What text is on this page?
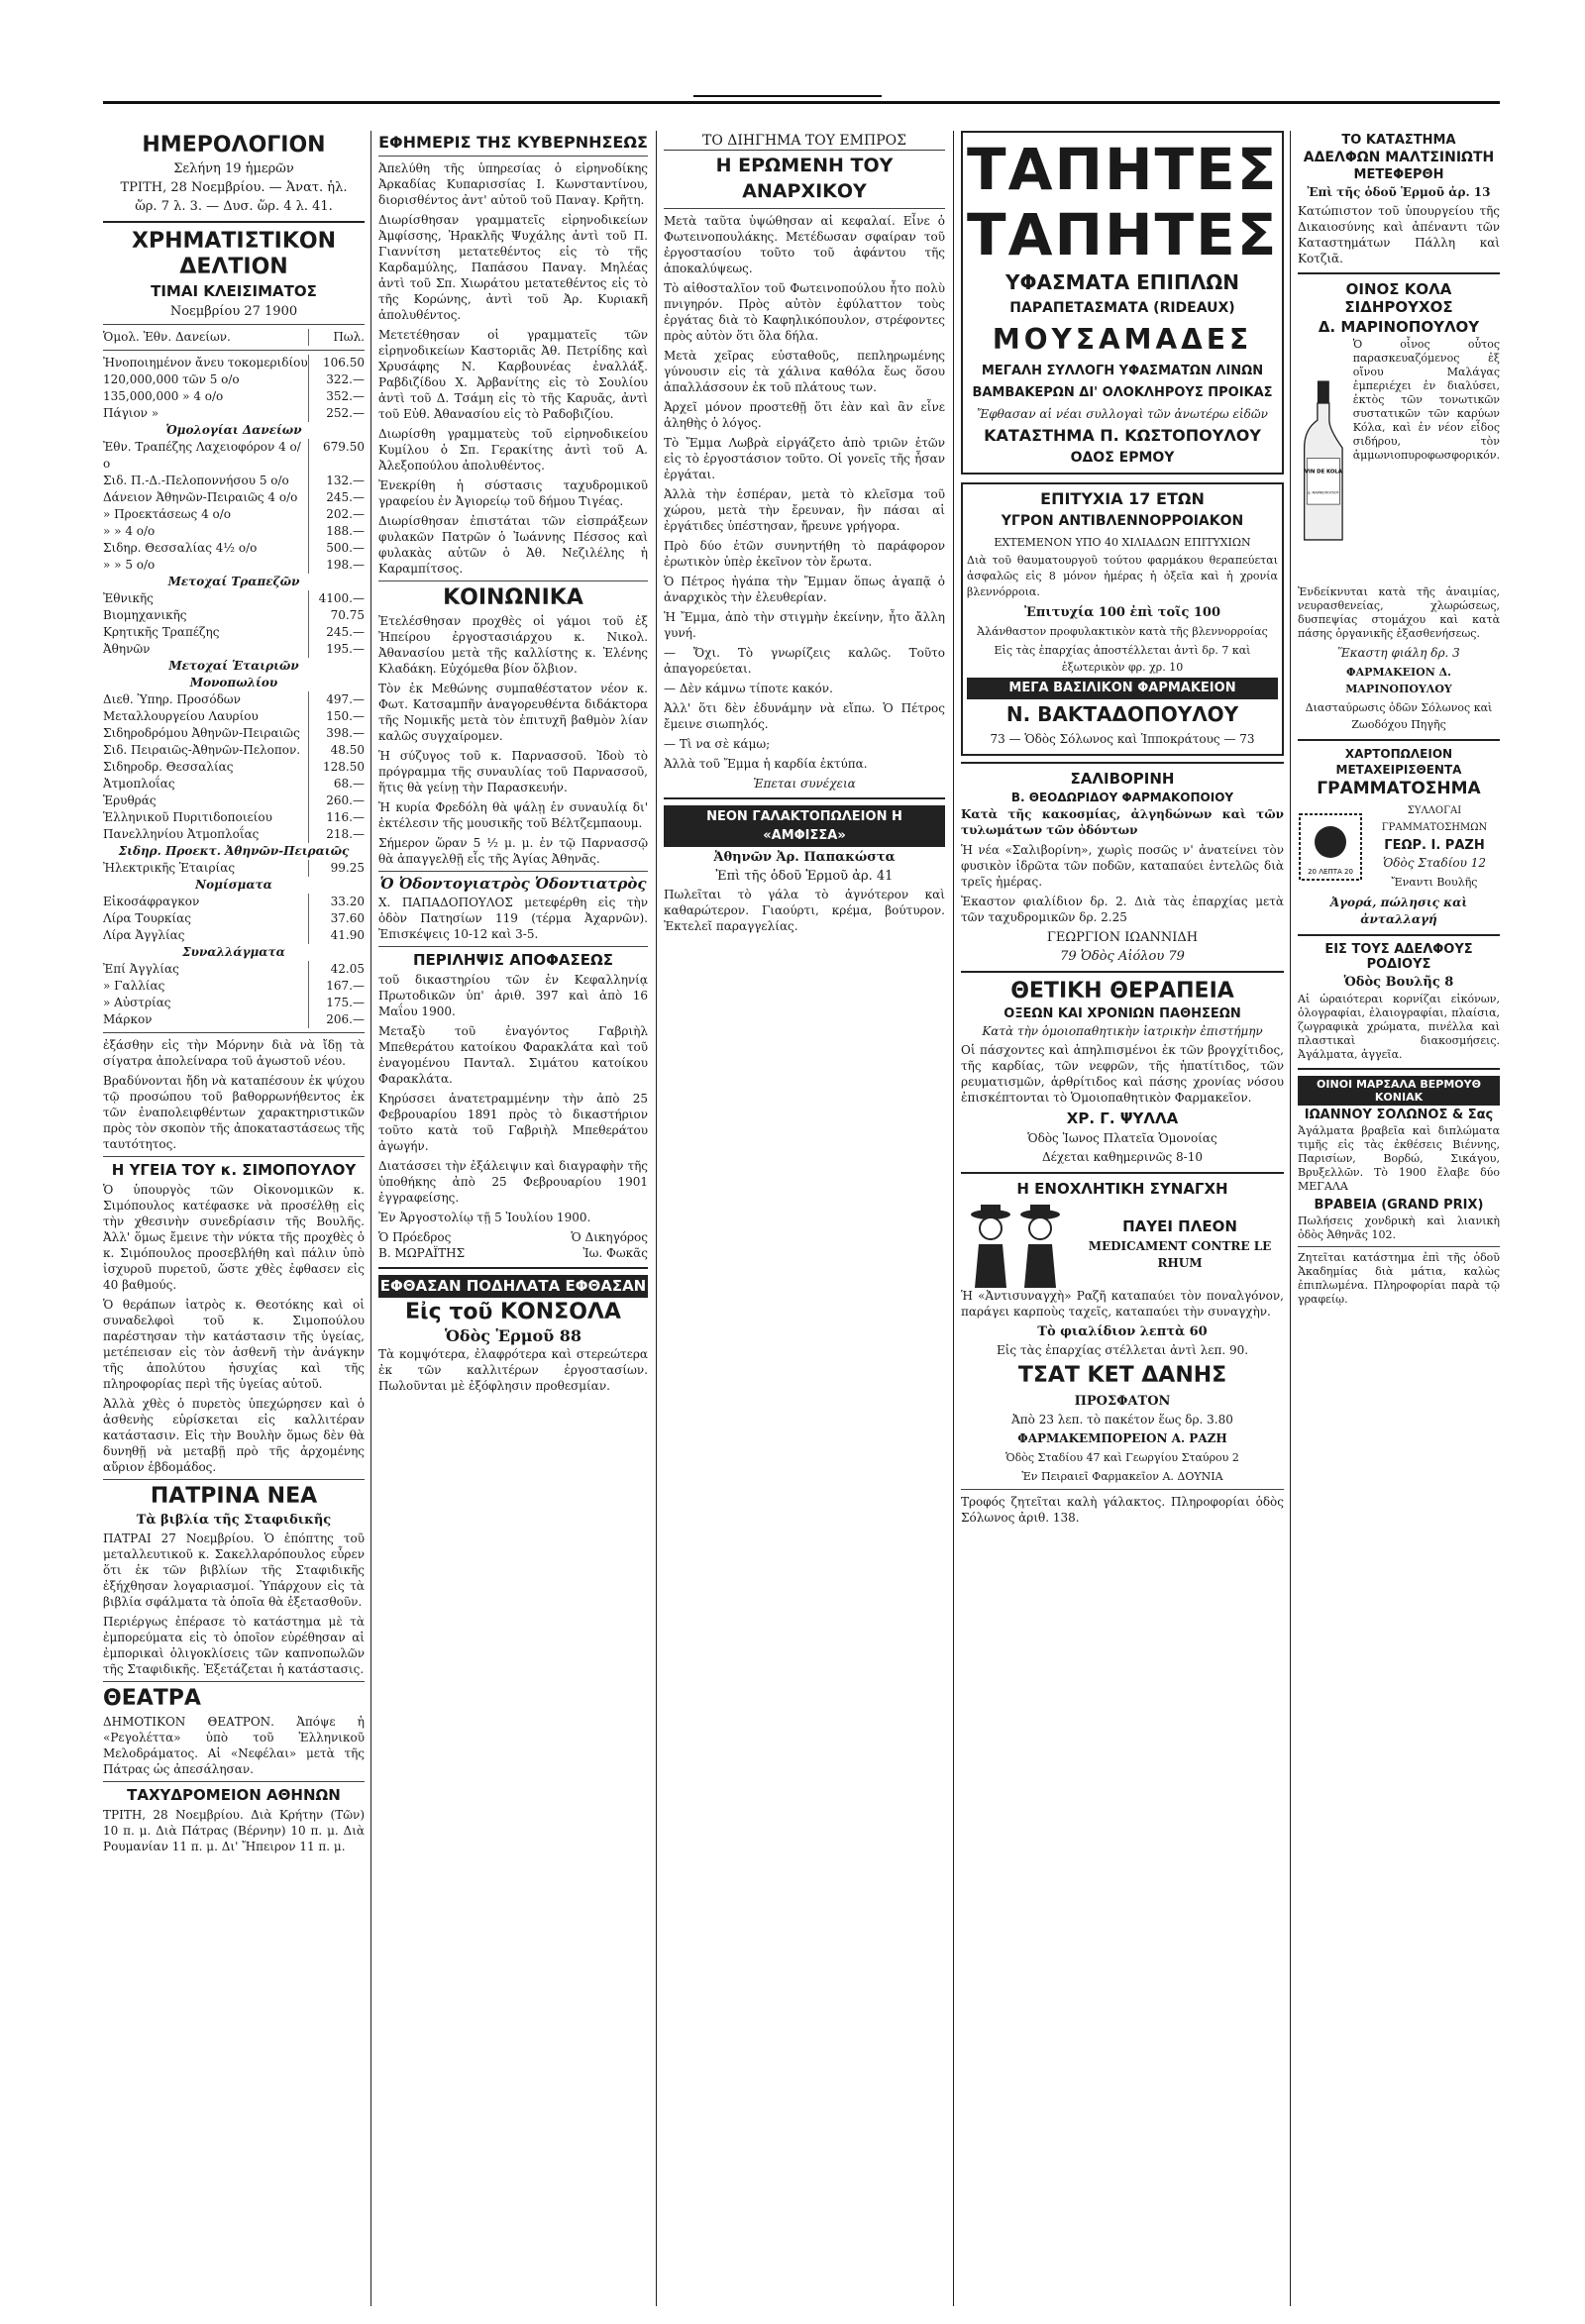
ΗΜΕΡΟΛΟΓΙΟΝ
Σελήνη 19 ἡμερῶν
ΤΡΙΤΗ, 28 Νοεμβρίου. — Ἀνατ. ἡλ.
ὥρ. 7 λ. 3. — Δυσ. ὥρ. 4 λ. 41.
ΧΡΗΜΑΤΙΣΤΙΚΟΝ ΔΕΛΤΙΟΝ
ΤΙΜΑΙ ΚΛΕΙΣΙΜΑΤΟΣ
Νοεμβρίου 27 1900
Ὁμολ. Ἐθν. Δανείων.	Πωλ.
Ἠνοποιημένον ἄνευ τοκομεριδίου	106.50
120,000,000 τῶν 5 ο/ο	322.—
135,000,000 » 4 ο/ο	352.—
Πάγιον »	252.—
Ὁμολογίαι Δανείων
Ἐθν. Τραπέζης Λαχειοφόρον 4 ο/ο
679.50
Σιδ. Π.-Δ.-Πελοποννήσου 5 ο/ο	132.—
Δάνειον Ἀθηνῶν-Πειραιῶς 4 ο/ο	245.—
» Προεκτάσεως 4 ο/ο	202.—
» » 4 ο/ο	188.—
Σιδηρ. Θεσσαλίας 4½ ο/ο	500.—
» » 5 ο/ο	198.—
Μετοχαί Τραπεζῶν
Ἐθνικῆς	4100.—
Βιομηχανικῆς	70.75
Κρητικῆς Τραπέζης	245.—
Ἀθηνῶν	195.—
Μετοχαί Ἑταιριῶν
Μονοπωλίου
Διεθ. Ὑπηρ. Προσόδων	497.—
Μεταλλουργείου Λαυρίου	150.—
Σιδηροδρόμου Ἀθηνῶν-Πειραιῶς	398.—
Σιδ. Πειραιῶς-Ἀθηνῶν-Πελοπον.	48.50
Σιδηροδρ. Θεσσαλίας	128.50
Ἀτμοπλοΐας	68.—
Ἑρυθράς	260.—
Ἑλληνικοῦ Πυριτιδοποιείου	116.—
Πανελληνίου Ἀτμοπλοΐας	218.—
Σιδηρ. Προεκτ. Ἀθηνῶν-Πειραιῶς
Ἠλεκτρικῆς Ἑταιρίας	99.25
Νομίσματα
Εἰκοσάφραγκον	33.20
Λίρα Τουρκίας	37.60
Λίρα Ἀγγλίας	41.90
Συναλλάγματα
Ἐπί Ἀγγλίας	42.05
» Γαλλίας	167.—
» Αὐστρίας	175.—
Μάρκον	206.—

ἐξάσθην εἰς τὴν Μόρνην διὰ νὰ ἴδῃ τὰ σίγατρα ἀπολείναρα τοῦ ἀγωστοῦ νέου.

Βραδύνονται ἤδη νὰ καταπέσουν ἐκ ψύχου τῷ προσώπου τοῦ βαθορρωνήθεντος ἐκ τῶν ἐναπολειφθέντων χαρακτηριστικῶν πρὸς τὸν σκοπὸν τῆς ἀποκαταστάσεως τῆς ταυτότητος.

Η ΥΓΕΙΑ ΤΟΥ κ. ΣΙΜΟΠΟΥΛΟΥ

Ὁ ὑπουργὸς τῶν Οἰκονομικῶν κ. Σιμόπουλος κατέφασκε νὰ προσέλθῃ εἰς τὴν χθεσινὴν συνεδρίασιν τῆς Βουλῆς. Ἀλλ' ὅμως ἔμεινε τὴν νύκτα τῆς προχθὲς ὁ κ. Σιμόπουλος προσεβλήθη καὶ πάλιν ὑπὸ ἰσχυροῦ πυρετοῦ, ὥστε χθὲς ἐφθασεν εἰς 40 βαθμούς.

Ὁ θεράπων ἰατρὸς κ. Θεοτόκης καὶ οἱ συναδελφοὶ τοῦ κ. Σιμοπούλου παρέστησαν τὴν κατάστασιν τῆς ὑγείας, μετέπεισαν εἰς τὸν ἀσθενῆ τὴν ἀνάγκην τῆς ἀπολύτου ἡσυχίας καὶ τῆς πληροφορίας περὶ τῆς ὑγείας αὐτοῦ.

Ἀλλὰ χθὲς ὁ πυρετὸς ὑπεχώρησεν καὶ ὁ ἀσθενὴς εὑρίσκεται εἰς καλλιτέραν κατάστασιν. Εἰς τὴν Βουλὴν ὅμως δὲν θὰ δυνηθῇ νὰ μεταβῇ πρὸ τῆς ἀρχομένης αὔριον ἑβδομάδος.

ΠΑΤΡΙΝΑ ΝΕΑ
Τὰ βιβλία τῆς Σταφιδικῆς

ΠΑΤΡΑΙ 27 Νοεμβρίου. Ὁ ἐπόπτης τοῦ μεταλλευτικοῦ κ. Σακελλαρόπουλος εὗρεν ὅτι ἐκ τῶν βιβλίων τῆς Σταφιδικῆς ἐξήχθησαν λογαριασμοί. Ὑπάρχουν εἰς τὰ βιβλία σφάλματα τὰ ὁποῖα θὰ ἐξετασθοῦν.

Περιέργως ἐπέρασε τὸ κατάστημα μὲ τὰ ἐμπορεύματα εἰς τὸ ὁποῖον εὑρέθησαν αἱ ἐμπορικαὶ ὀλιγοκλίσεις τῶν καπνοπωλῶν τῆς Σταφιδικῆς. Ἐξετάζεται ἡ κατάστασις.

ΘΕΑΤΡΑ

ΔΗΜΟΤΙΚΟΝ ΘΕΑΤΡΟΝ. Ἀπόψε ἡ «Ρεγολέττα» ὑπὸ τοῦ Ἑλληνικοῦ Μελοδράματος. Αἱ «Νεφέλαι» μετὰ τῆς Πάτρας ὡς ἀπεσάλησαν.

ΤΑΧΥΔΡΟΜΕΙΟΝ ΑΘΗΝΩΝ

ΤΡΙΤΗ, 28 Νοεμβρίου. Διὰ Κρήτην (Τῶν) 10 π. μ. Διὰ Πάτρας (Βέρνην) 10 π. μ. Διὰ Ρουμανίαν 11 π. μ. Δι' Ἤπειρον 11 π. μ.

ΕΦΗΜΕΡΙΣ ΤΗΣ ΚΥΒΕΡΝΗΣΕΩΣ

Ἀπελύθη τῆς ὑπηρεσίας ὁ εἰρηνοδίκης Ἀρκαδίας Κυπαρισσίας Ι. Κωνσταντίνου, διορισθέντος ἀντ' αὐτοῦ τοῦ Παναγ. Κρῆτη.

Διωρίσθησαν γραμματεῖς εἰρηνοδικείων Ἀμφίσσης, Ἡρακλῆς Ψυχάλης ἀντὶ τοῦ Π. Γιαννίτση μετατεθέντος εἰς τὸ τῆς Καρδαμύλης, Παπάσου Παναγ. Μηλέας ἀντὶ τοῦ Σπ. Χιωράτου μετατεθέντος εἰς τὸ τῆς Κορώνης, ἀντὶ τοῦ Ἀρ. Κυριακῆ ἀπολυθέντος.

Μετετέθησαν οἱ γραμματεῖς τῶν εἰρηνοδικείων Καστοριᾶς Ἀθ. Πετρίδης καὶ Χρυσάφης Ν. Καρβουνέας ἐναλλάξ. Ραβδιζίδου Χ. Ἀρβανίτης εἰς τὸ Σουλίου ἀντὶ τοῦ Δ. Τσάμη εἰς τὸ τῆς Καρυᾶς, ἀντὶ τοῦ Εὐθ. Ἀθανασίου εἰς τὸ Ραδοβιζίου.

Διωρίσθη γραμματεὺς τοῦ εἰρηνοδικείου Κυμίλου ὁ Σπ. Γερακίτης ἀντὶ τοῦ Α. Ἀλεξοπούλου ἀπολυθέντος.

Ἐνεκρίθη ἡ σύστασις ταχυδρομικοῦ γραφείου ἐν Ἀγιορείῳ τοῦ δήμου Τιγέας.

Διωρίσθησαν ἐπιστάται τῶν εἰσπράξεων φυλακῶν Πατρῶν ὁ Ἰωάννης Πέσσος καὶ φυλακὰς αὐτῶν ὁ Ἀθ. Νεζιλέλης ἡ Καραμπίτσος.

ΚΟΙΝΩΝΙΚΑ

Ἐτελέσθησαν προχθὲς οἱ γάμοι τοῦ ἐξ Ἠπείρου ἐργοστασιάρχου κ. Νικολ. Ἀθανασίου μετὰ τῆς καλλίστης κ. Ἐλένης Κλαδάκη. Εὐχόμεθα βίον ὄλβιον.

Τὸν ἐκ Μεθώνης συμπαθέστατον νέον κ. Φωτ. Κατσαμπῆν ἀναγορευθέντα διδάκτορα τῆς Νομικῆς μετὰ τὸν ἐπιτυχῆ βαθμὸν λίαν καλῶς συγχαίρομεν.

Ἡ σύζυγος τοῦ κ. Παρνασσοῦ. Ἰδοὺ τὸ πρόγραμμα τῆς συναυλίας τοῦ Παρνασσοῦ, ἥτις θὰ γείνῃ τὴν Παρασκευήν.

Ἡ κυρία Φρεδόλη θὰ ψάλῃ ἐν συναυλίᾳ δι' ἐκτέλεσιν τῆς μουσικῆς τοῦ Βέλτζεμπαουμ.

Σήμερον ὥραν 5 ½ μ. μ. ἐν τῷ Παρνασσῷ θὰ ἀπαγγελθῇ εἷς τῆς Ἁγίας Ἀθηνᾶς.

Ὁ Ὀδοντογιατρὸς Ὁδοντιατρὸς

Χ. ΠΑΠΑΔΟΠΟΥΛΟΣ μετεφέρθη εἰς τὴν ὁδὸν Πατησίων 119 (τέρμα Ἀχαρνῶν). Ἐπισκέψεις 10-12 καὶ 3-5.

ΠΕΡΙΛΗΨΙΣ ΑΠΟΦΑΣΕΩΣ

τοῦ δικαστηρίου τῶν ἐν Κεφαλληνίᾳ Πρωτοδικῶν ὑπ' ἀριθ. 397 καὶ ἀπὸ 16 Μαΐου 1900.

Μεταξὺ τοῦ ἐναγόντος Γαβριὴλ Μπεθεράτου κατοίκου Φαρακλάτα καὶ τοῦ ἐναγομένου Πανταλ. Σιμάτου κατοίκου Φαρακλάτα.

Κηρύσσει ἀνατετραμμένην τὴν ἀπὸ 25 Φεβρουαρίου 1891 πρὸς τὸ δικαστήριον τοῦτο κατὰ τοῦ Γαβριὴλ Μπεθεράτου ἀγωγήν.

Διατάσσει τὴν ἐξάλειψιν καὶ διαγραφὴν τῆς ὑποθήκης ἀπὸ 25 Φεβρουαρίου 1901 ἐγγραφείσης.

Ἐν Ἀργοστολίῳ τῇ 5 Ἰουλίου 1900.

Ὁ Πρόεδρος
Β. ΜΩΡΑΪΤΗΣ
Ὁ Δικηγόρος
Ἰω. Φωκᾶς
ΕΦΘΑΣΑΝ ΠΟΔΗΛΑΤΑ ΕΦΘΑΣΑΝ
Εἰς τοῦ ΚΟΝΣΟΛΑ
Ὁδὸς Ἑρμοῦ 88

Τὰ κομψότερα, ἐλαφρότερα καὶ στερεώτερα ἐκ τῶν καλλιτέρων ἐργοστασίων. Πωλοῦνται μὲ ἐξόφλησιν προθεσμίαν.

ΤΟ ΔΙΗΓΗΜΑ ΤΟΥ ΕΜΠΡΟΣ
Η ΕΡΩΜΕΝΗ ΤΟΥ ΑΝΑΡΧΙΚΟΥ

Μετὰ ταῦτα ὑψώθησαν αἱ κεφαλαί. Εἶνε ὁ Φωτεινοπουλάκης. Μετέδωσαν σφαίραν τοῦ ἐργοστασίου τοῦτο τοῦ ἀφάντου τῆς ἀποκαλύψεως.

Τὸ αἱθοσταλῖον τοῦ Φωτεινοπούλου ἦτο πολὺ πνιγηρόν. Πρὸς αὐτὸν ἐφύλαττον τοὺς ἐργάτας διὰ τὸ Καφηλικόπουλον, στρέφοντες πρὸς αὐτὸν ὅτι ὅλα δήλα.

Μετὰ χεῖρας εὐσταθοῦς, πεπληρωμένης γύνουσιν εἰς τὰ χάλινα καθόλα ἔως ὅσου ἀπαλλάσσουν ἐκ τοῦ πλάτους των.

Ἀρχεῖ μόνον προστεθῇ ὅτι ἐὰν καὶ ἂν εἶνε ἀληθὴς ὁ λόγος.

Τὸ Ἔμμα Λωβρὰ εἰργάζετο ἀπὸ τριῶν ἐτῶν εἰς τὸ ἐργοστάσιον τοῦτο. Οἱ γονεῖς τῆς ἦσαν ἐργάται.

Ἀλλὰ τὴν ἑσπέραν, μετὰ τὸ κλεῖσμα τοῦ χώρου, μετὰ τὴν ἔρευναν, ἣν πάσαι αἱ ἐργάτιδες ὑπέστησαν, ἤρευνε γρήγορα.

Πρὸ δύο ἐτῶν συνηντήθη τὸ παράφορον ἐρωτικὸν ὑπὲρ ἐκεῖνον τὸν ἔρωτα.

Ὁ Πέτρος ἠγάπα τὴν Ἔμμαν ὅπως ἀγαπᾷ ὁ ἀναρχικὸς τὴν ἐλευθερίαν.

Ἡ Ἔμμα, ἀπὸ τὴν στιγμὴν ἐκείνην, ἦτο ἄλλη γυνή.

— Ὄχι. Τὸ γνωρίζεις καλῶς. Τοῦτο ἀπαγορεύεται.

— Δὲν κάμνω τίποτε κακόν.

Ἀλλ' ὅτι δὲν ἐδυνάμην νὰ εἴπω. Ὁ Πέτρος ἔμεινε σιωπηλός.

— Τὶ να σὲ κάμω;

Ἀλλὰ τοῦ Ἔμμα ἡ καρδία ἐκτύπα.

Ἐπεται συνέχεια

ΝΕΟΝ ΓΑΛΑΚΤΟΠΩΛΕΙΟΝ Η «ΑΜΦΙΣΣΑ»
Ἀθηνῶν Ἀρ. Παπακώστα
Ἐπὶ τῆς ὁδοῦ Ἑρμοῦ ἀρ. 41

Πωλεῖται τὸ γάλα τὸ ἀγνότερον καὶ καθαρώτερον. Γιαούρτι, κρέμα, βούτυρον. Ἐκτελεῖ παραγγελίας.

ΤΑΠΗΤΕΣ ΤΑΠΗΤΕΣ
ΥΦΑΣΜΑΤΑ ΕΠΙΠΛΩΝ
ΠΑΡΑΠΕΤΑΣΜΑΤΑ (RIDEAUX)
ΜΟΥΣΑΜΑΔΕΣ
ΜΕΓΑΛΗ ΣΥΛΛΟΓΗ ΥΦΑΣΜΑΤΩΝ ΛΙΝΩΝ
ΒΑΜΒΑΚΕΡΩΝ ΔΙ' ΟΛΟΚΛΗΡΟΥΣ ΠΡΟΙΚΑΣ
Ἔφθασαν αἱ νέαι συλλογαὶ τῶν ἀνωτέρω εἰδῶν
ΚΑΤΑΣΤΗΜΑ Π. ΚΩΣΤΟΠΟΥΛΟΥ
ΟΔΟΣ ΕΡΜΟΥ
ΕΠΙΤΥΧΙΑ 17 ΕΤΩΝ
ΥΓΡΟΝ ΑΝΤΙΒΛΕΝΝΟΡΡΟΙΑΚΟΝ
ΕΧΤΕΜΕΝΟΝ ΥΠΟ 40 ΧΙΛΙΑΔΩΝ ΕΠΙΤΥΧΙΩΝ

Διὰ τοῦ θαυματουργοῦ τούτου φαρμάκου θεραπεύεται ἀσφαλῶς εἰς 8 μόνον ἡμέρας ἡ ὀξεῖα καὶ ἡ χρονία βλεννόρροια.

Ἐπιτυχία 100 ἐπὶ τοῖς 100
Ἀλάνθαστον προφυλακτικὸν κατὰ τῆς βλεννορροίας
Εἰς τὰς ἐπαρχίας ἀποστέλλεται ἀντὶ δρ. 7 καὶ ἐξωτερικὸν φρ. χρ. 10
ΜΕΓΑ ΒΑΣΙΛΙΚΟΝ ΦΑΡΜΑΚΕΙΟΝ
Ν. ΒΑΚΤΑΔΟΠΟΥΛΟΥ
73 — Ὁδὸς Σόλωνος καὶ Ἱπποκράτους — 73
ΣΑΛΙΒΟΡΙΝΗ
Β. ΘΕΟΔΩΡΙΔΟΥ ΦΑΡΜΑΚΟΠΟΙΟΥ

Κατὰ τῆς κακοσμίας, ἀλγηδώνων καὶ τῶν τυλωμάτων τῶν ὀδόντων

Ἡ νέα «Σαλιβορίνη», χωρὶς ποσῶς ν' ἀνατείνει τὸν φυσικὸν ἱδρῶτα τῶν ποδῶν, καταπαύει ἐντελῶς διὰ τρεῖς ἡμέρας.

Ἐκαστον φιαλίδιον δρ. 2. Διὰ τὰς ἐπαρχίας μετὰ τῶν ταχυδρομικῶν δρ. 2.25

ΓΕΩΡΓΙΟΝ ΙΩΑΝΝΙΔΗ
79 Ὁδὸς Αἰόλου 79
ΘΕΤΙΚΗ ΘΕΡΑΠΕΙΑ
ΟΞΕΩΝ ΚΑΙ ΧΡΟΝΙΩΝ ΠΑΘΗΣΕΩΝ
Κατὰ τὴν ὁμοιοπαθητικὴν ἰατρικὴν ἐπιστήμην

Οἱ πάσχοντες καὶ ἀπηλπισμένοι ἐκ τῶν βρογχίτιδος, τῆς καρδίας, τῶν νεφρῶν, τῆς ἡπατίτιδος, τῶν ρευματισμῶν, ἀρθρίτιδος καὶ πάσης χρονίας νόσου ἐπισκέπτονται τὸ Ὁμοιοπαθητικὸν Φαρμακεῖον.

ΧΡ. Γ. ΨΥΛΛΑ
Ὁδὸς Ἰωνος Πλατεῖα Ὁμονοίας
Δέχεται καθημερινῶς 8-10
Η ΕΝΟΧΛΗΤΙΚΗ ΣΥΝΑΓΧΗ
ΠΑΥΕΙ ΠΛΕΟΝ
MEDICAMENT CONTRE LE RHUM

Ἡ «Ἀντισυναγχὴ» Ραζῆ καταπαύει τὸν ποναλγόνον, παράγει καρποὺς ταχεῖς, καταπαύει τὴν συναγχὴν.

Τὸ φιαλίδιον λεπτὰ 60
Εἰς τὰς ἐπαρχίας στέλλεται ἀντὶ λεπ. 90.
ΤΣΑΤ ΚΕΤ ΔΑΝΗΣ
ΠΡΟΣΦΑΤΟΝ
Ἀπὸ 23 λεπ. τὸ πακέτον ἕως δρ. 3.80
ΦΑΡΜΑΚΕΜΠΟΡΕΙΟΝ Α. ΡΑΖΗ
Ὁδὸς Σταδίου 47 καὶ Γεωργίου Σταύρου 2
Ἐν Πειραιεῖ Φαρμακεῖον Α. ΔΟΥΝΙΑ

Τροφός ζητεῖται καλὴ γάλακτος. Πληροφορίαι ὁδὸς Σόλωνος ἀριθ. 138.

ΤΟ ΚΑΤΑΣΤΗΜΑ
ΑΔΕΛΦΩΝ ΜΑΛΤΣΙΝΙΩΤΗ
ΜΕΤΕΦΕΡΘΗ
Ἐπὶ τῆς ὁδοῦ Ἑρμοῦ ἀρ. 13

Κατώπιστον τοῦ ὑπουργείου τῆς Δικαιοσύνης καὶ ἀπέναντι τῶν Καταστημάτων Πάλλη καὶ Κοτζιᾶ.

ΟΙΝΟΣ ΚΟΛΑ ΣΙΔΗΡΟΥΧΟΣ
Δ. ΜΑΡΙΝΟΠΟΥΛΟΥ
VIN DE KOLA
Δ. ΜΑΡΙΝΟΠΟΥΛΟΥ

Ὁ οἶνος οὗτος παρασκευαζόμενος ἐξ οἴνου Μαλάγας ἐμπεριέχει ἐν διαλύσει, ἐκτὸς τῶν τονωτικῶν συστατικῶν τῶν καρύων Κόλα, καὶ ἐν νέον εἶδος σιδήρου, τὸν ἁμμωνιοπυροφωσφορικόν.

Ἐνδείκνυται κατὰ τῆς ἀναιμίας, νευρασθενείας, χλωρώσεως, δυσπεψίας στομάχου καὶ κατὰ πάσης ὀργανικῆς ἐξασθενήσεως.

Ἕκαστη φιάλη δρ. 3
ΦΑΡΜΑΚΕΙΟΝ Δ. ΜΑΡΙΝΟΠΟΥΛΟΥ
Διασταύρωσις ὁδῶν Σόλωνος καὶ Ζωοδόχου Πηγῆς
ΧΑΡΤΟΠΩΛΕΙΟΝ
ΜΕΤΑΧΕΙΡΙΣΘΕΝΤΑ
ΓΡΑΜΜΑΤΟΣΗΜΑ
20 ΛΕΠΤΑ 20
ΣΥΛΛΟΓΑΙ ΓΡΑΜΜΑΤΟΣΗΜΩΝ
ΓΕΩΡ. Ι. ΡΑΖΗ
Ὁδὸς Σταδίου 12
Ἔναντι Βουλῆς
Ἀγορά, πώλησις καὶ ἀνταλλαγή
ΕΙΣ ΤΟΥΣ ΑΔΕΛΦΟΥΣ ΡΟΔΙΟΥΣ
Ὁδὸς Βουλῆς 8

Αἱ ὡραιότεραι κορνίζαι εἰκόνων, ὁλογραφίαι, ἐλαιογραφίαι, πλαίσια, ζωγραφικὰ χρώματα, πινέλλα καὶ πλαστικαὶ διακοσμήσεις. Ἀγάλματα, ἀγγεῖα.

ΟΙΝΟΙ ΜΑΡΣΑΛΑ ΒΕΡΜΟΥΘ ΚΟΝΙΑΚ
ΙΩΑΝΝΟΥ ΣΟΛΩΝΟΣ & Σας

Ἀγάλματα βραβεῖα καὶ διπλώματα τιμῆς εἰς τὰς ἐκθέσεις Βιέννης, Παρισίων, Βορδώ, Σικάγου, Βρυξελλῶν. Τὸ 1900 ἔλαβε δύο ΜΕΓΑΛΑ

ΒΡΑΒΕΙΑ (GRAND PRIX)

Πωλήσεις χονδρικὴ καὶ λιανικὴ ὁδὸς Ἀθηνᾶς 102.

Ζητεῖται κατάστημα ἐπὶ τῆς ὁδοῦ Ἀκαδημίας διὰ μάτια, καλὼς ἐπιπλωμένα. Πληροφορίαι παρὰ τῷ γραφείῳ.
